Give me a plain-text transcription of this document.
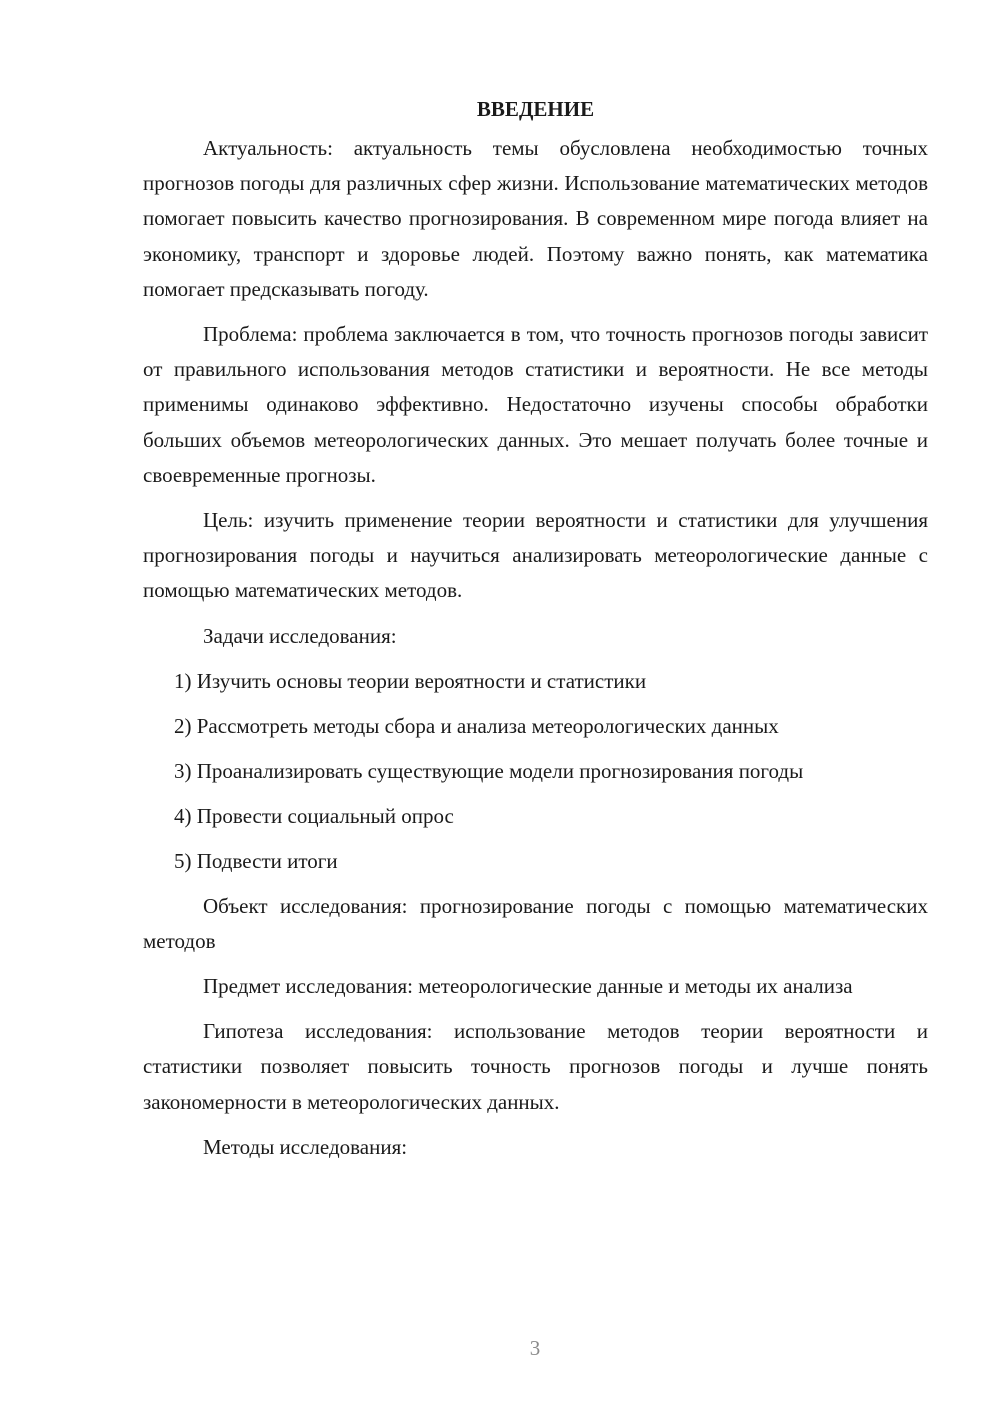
ВВЕДЕНИЕ

Актуальность: актуальность темы обусловлена необходимостью точных прогнозов погоды для различных сфер жизни. Использование математических методов помогает повысить качество прогнозирования. В современном мире погода влияет на экономику, транспорт и здоровье людей. Поэтому важно понять, как математика помогает предсказывать погоду.

Проблема: проблема заключается в том, что точность прогнозов погоды зависит от правильного использования методов статистики и вероятности. Не все методы применимы одинаково эффективно. Недостаточно изучены способы обработки больших объемов метеорологических данных. Это мешает получать более точные и своевременные прогнозы.

Цель: изучить применение теории вероятности и статистики для улучшения прогнозирования погоды и научиться анализировать метеорологические данные с помощью математических методов.

Задачи исследования:

1) Изучить основы теории вероятности и статистики
2) Рассмотреть методы сбора и анализа метеорологических данных
3) Проанализировать существующие модели прогнозирования погоды
4) Провести социальный опрос
5) Подвести итоги

Объект исследования: прогнозирование погоды с помощью математических методов

Предмет исследования: метеорологические данные и методы их анализа

Гипотеза исследования: использование методов теории вероятности и статистики позволяет повысить точность прогнозов погоды и лучше понять закономерности в метеорологических данных.

Методы исследования:

3
